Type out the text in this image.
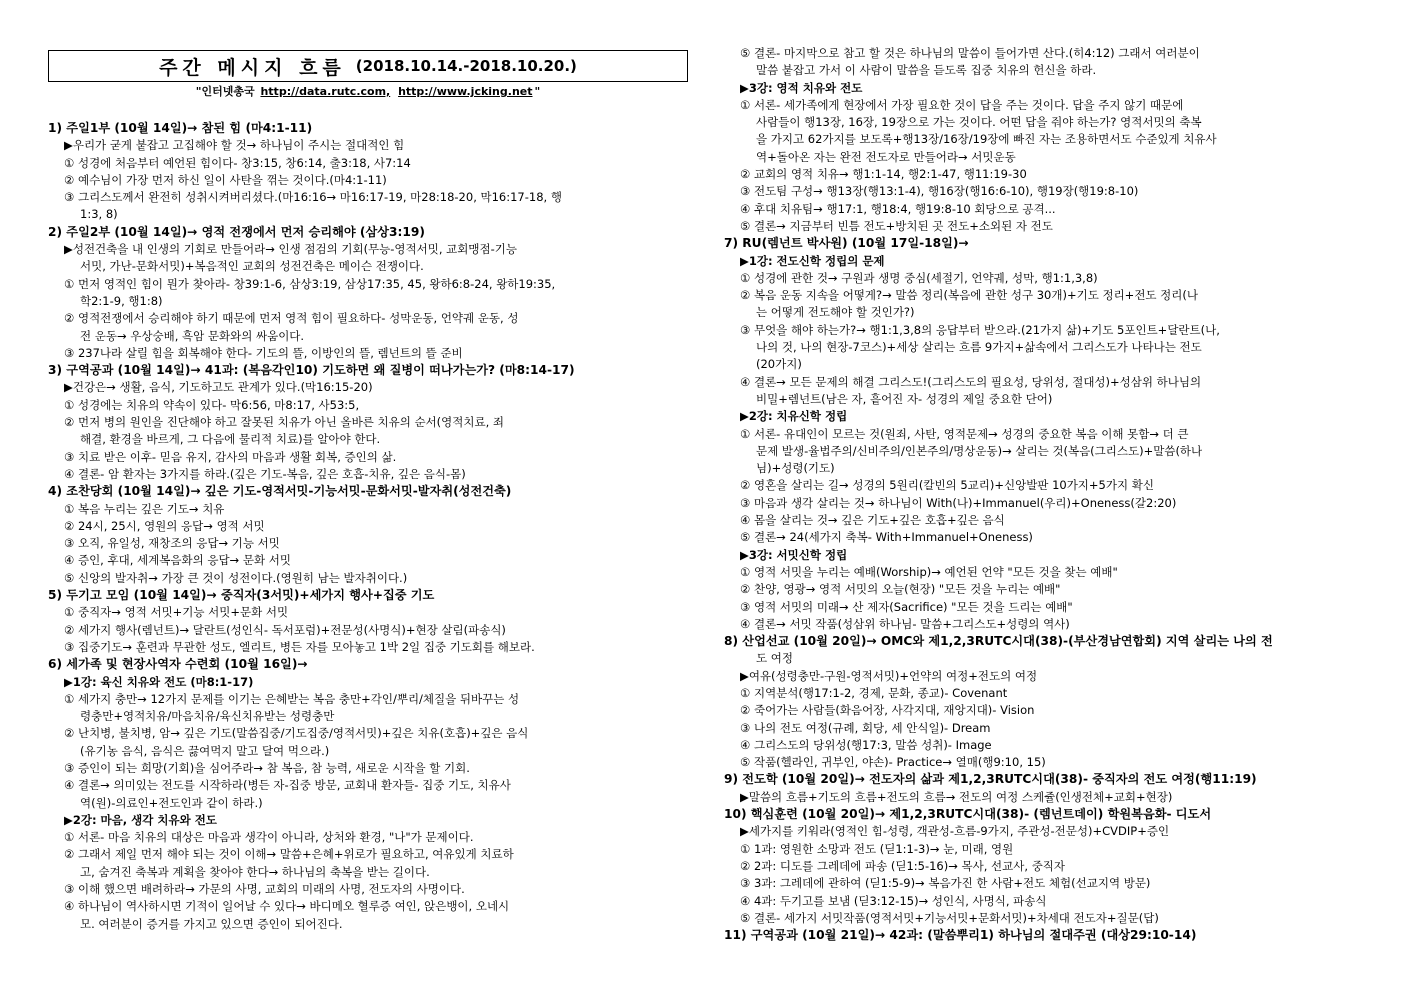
주간 메시지 흐름 (2018.10.14.-2018.10.20.)
"인터넷총국 http://data.rutc.com, http://www.jcking.net "
1) 주일1부 (10월 14일)→ 참된 힘 (마4:1-11)
▶우리가 굳게 붙잡고 고집해야 할 것→ 하나님이 주시는 절대적인 힘
① 성경에 처음부터 예언된 힘이다- 창3:15, 창6:14, 출3:18, 사7:14
② 예수님이 가장 먼저 하신 일이 사탄을 꺾는 것이다.(마4:1-11)
③ 그리스도께서 완전히 성취시켜버리셨다.(마16:16→ 마16:17-19, 마28:18-20, 막16:17-18, 행
1:3, 8)
2) 주일2부 (10월 14일)→ 영적 전쟁에서 먼저 승리해야 (삼상3:19)
▶성전건축을 내 인생의 기회로 만들어라→ 인생 점검의 기회(무능-영적서밋, 교회맹점-기능
서밋, 가난-문화서밋)+복음적인 교회의 성전건축은 메이슨 전쟁이다.
① 먼저 영적인 힘이 뭔가 찾아라- 창39:1-6, 삼상3:19, 삼상17:35, 45, 왕하6:8-24, 왕하19:35,
학2:1-9, 행1:8)
② 영적전쟁에서 승리해야 하기 때문에 먼저 영적 힘이 필요하다- 성막운동, 언약궤 운동, 성
전 운동→ 우상숭배, 흑암 문화와의 싸움이다.
③ 237나라 살릴 힘을 회복해야 한다- 기도의 뜰, 이방인의 뜰, 렘넌트의 뜰 준비
3) 구역공과 (10월 14일)→ 41과: (복음각인10) 기도하면 왜 질병이 떠나가는가? (마8:14-17)
▶건강은→ 생활, 음식, 기도하고도 관계가 있다.(막16:15-20)
① 성경에는 치유의 약속이 있다- 막6:56, 마8:17, 사53:5,
② 먼저 병의 원인을 진단해야 하고 잘못된 치유가 아닌 올바른 치유의 순서(영적치료, 죄
해결, 환경을 바르게, 그 다음에 물리적 치료)를 알아야 한다.
③ 치료 받은 이후- 믿음 유지, 감사의 마음과 생활 회복, 증인의 삶.
④ 결론- 암 환자는 3가지를 하라.(깊은 기도-복음, 깊은 호흡-치유, 깊은 음식-몸)
4) 조찬당회 (10월 14일)→ 깊은 기도-영적서밋-기능서밋-문화서밋-발자취(성전건축)
① 복음 누리는 깊은 기도→ 치유
② 24시, 25시, 영원의 응답→ 영적 서밋
③ 오직, 유일성, 재창조의 응답→ 기능 서밋
④ 증인, 후대, 세계복음화의 응답→ 문화 서밋
⑤ 신앙의 발자취→ 가장 큰 것이 성전이다.(영원히 남는 발자취이다.)
5) 두기고 모임 (10월 14일)→ 중직자(3서밋)+세가지 행사+집중 기도
① 중직자→ 영적 서밋+기능 서밋+문화 서밋
② 세가지 행사(렘넌트)→ 달란트(성인식- 독서포럼)+전문성(사명식)+현장 살림(파송식)
③ 집중기도→ 훈련과 무관한 성도, 엘리트, 병든 자를 모아놓고 1박 2일 집중 기도회를 해보라.
6) 세가족 및 현장사역자 수련회 (10월 16일)→
▶1강: 육신 치유와 전도 (마8:1-17)
① 세가지 충만→ 12가지 문제를 이기는 은혜받는 복음 충만+각인/뿌리/체질을 뒤바꾸는 성
령충만+영적치유/마음치유/육신치유받는 성령충만
② 난치병, 불치병, 암→ 깊은 기도(말씀집중/기도집중/영적서밋)+깊은 치유(호흡)+깊은 음식
(유기농 음식, 음식은 끓여먹지 말고 달여 먹으라.)
③ 증인이 되는 희망(기회)을 심어주라→ 참 복음, 참 능력, 새로운 시작을 할 기회.
④ 결론→ 의미있는 전도를 시작하라(병든 자-집중 방문, 교회내 환자들- 집중 기도, 치유사
역(원)-의료인+전도인과 같이 하라.)
▶2강: 마음, 생각 치유와 전도
① 서론- 마음 치유의 대상은 마음과 생각이 아니라, 상처와 환경, "나"가 문제이다.
② 그래서 제일 먼저 해야 되는 것이 이해→ 말씀+은혜+위로가 필요하고, 여유있게 치료하
고, 숨겨진 축복과 계획을 찾아야 한다→ 하나님의 축복을 받는 길이다.
③ 이해 했으면 배려하라→ 가문의 사명, 교회의 미래의 사명, 전도자의 사명이다.
④ 하나님이 역사하시면 기적이 일어날 수 있다→ 바디메오 혈루증 여인, 앉은뱅이, 오네시
모. 여러분이 증거를 가지고 있으면 증인이 되어진다.
⑤ 결론- 마지막으로 참고 할 것은 하나님의 말씀이 들어가면 산다.(히4:12) 그래서 여러분이
말씀 붙잡고 가서 이 사람이 말씀을 듣도록 집중 치유의 헌신을 하라.
▶3강: 영적 치유와 전도
① 서론- 세가족에게 현장에서 가장 필요한 것이 답을 주는 것이다. 답을 주지 않기 때문에
사람들이 행13장, 16장, 19장으로 가는 것이다. 어떤 답을 줘야 하는가? 영적서밋의 축복
을 가지고 62가지를 보도록+행13장/16장/19장에 빠진 자는 조용하면서도 수준있게 치유사
역+돌아온 자는 완전 전도자로 만들어라→ 서밋운동
② 교회의 영적 치유→ 행1:1-14, 행2:1-47, 행11:19-30
③ 전도팀 구성→ 행13장(행13:1-4), 행16장(행16:6-10), 행19장(행19:8-10)
④ 후대 치유팀→ 행17:1, 행18:4, 행19:8-10 회당으로 공격...
⑤ 결론→ 지금부터 빈틈 전도+방치된 곳 전도+소외된 자 전도
7) RU(렘넌트 박사원) (10월 17일-18일)→
▶1강: 전도신학 정립의 문제
① 성경에 관한 것→ 구원과 생명 중심(세절기, 언약궤, 성막, 행1:1,3,8)
② 복음 운동 지속을 어떻게?→ 말씀 정리(복음에 관한 성구 30개)+기도 정리+전도 정리(나
는 어떻게 전도해야 할 것인가?)
③ 무엇을 해야 하는가?→ 행1:1,3,8의 응답부터 받으라.(21가지 삶)+기도 5포인트+달란트(나,
나의 것, 나의 현장-7코스)+세상 살리는 흐름 9가지+삶속에서 그리스도가 나타나는 전도
(20가지)
④ 결론→ 모든 문제의 해결 그리스도!(그리스도의 필요성, 당위성, 절대성)+성삼위 하나님의
비밀+렘넌트(남은 자, 흩어진 자- 성경의 제일 중요한 단어)
▶2강: 치유신학 정립
① 서론- 유대인이 모르는 것(원죄, 사탄, 영적문제→ 성경의 중요한 복음 이해 못함→ 더 큰
문제 발생-율법주의/신비주의/인본주의/명상운동)→ 살리는 것(복음(그리스도)+말씀(하나
님)+성령(기도)
② 영혼을 살리는 길→ 성경의 5원리(칼빈의 5교리)+신앙발판 10가지+5가지 확신
③ 마음과 생각 살리는 것→ 하나님이 With(나)+Immanuel(우리)+Oneness(갈2:20)
④ 몸을 살리는 것→ 깊은 기도+깊은 호흡+깊은 음식
⑤ 결론→ 24(세가지 축복- With+Immanuel+Oneness)
▶3강: 서밋신학 정립
① 영적 서밋을 누리는 예배(Worship)→ 예언된 언약 "모든 것을 찾는 예배"
② 찬양, 영광→ 영적 서밋의 오늘(현장) "모든 것을 누리는 예배"
③ 영적 서밋의 미래→ 산 제자(Sacrifice) "모든 것을 드리는 예배"
④ 결론→ 서밋 작품(성삼위 하나님- 말씀+그리스도+성령의 역사)
8) 산업선교 (10월 20일)→ OMC와 제1,2,3RUTC시대(38)-(부산경남연합회) 지역 살리는 나의 전
도 여정
▶여유(성령충만-구원-영적서밋)+언약의 여정+전도의 여정
① 지역분석(행17:1-2, 경제, 문화, 종교)- Covenant
② 죽어가는 사람들(화음어장, 사각지대, 재앙지대)- Vision
③ 나의 전도 여정(규례, 회당, 세 안식일)- Dream
④ 그리스도의 당위성(행17:3, 말씀 성취)- Image
⑤ 작품(헬라인, 귀부인, 야손)- Practice→ 열매(행9:10, 15)
9) 전도학 (10월 20일)→ 전도자의 삶과 제1,2,3RUTC시대(38)- 중직자의 전도 여정(행11:19)
▶말씀의 흐름+기도의 흐름+전도의 흐름→ 전도의 여정 스케쥴(인생전체+교회+현장)
10) 핵심훈련 (10월 20일)→ 제1,2,3RUTC시대(38)- (렘넌트데이) 학원복음화- 디도서
▶세가지를 키워라(영적인 힘-성령, 객관성-흐름-9가지, 주관성-전문성)+CVDIP+증인
① 1과: 영원한 소망과 전도 (딛1:1-3)→ 눈, 미래, 영원
② 2과: 디도를 그레데에 파송 (딛1:5-16)→ 목사, 선교사, 중직자
③ 3과: 그레데에 관하여 (딛1:5-9)→ 복음가진 한 사람+전도 체험(선교지역 방문)
④ 4과: 두기고를 보냄 (딛3:12-15)→ 성인식, 사명식, 파송식
⑤ 결론- 세가지 서밋작품(영적서밋+기능서밋+문화서밋)+차세대 전도자+질문(답)
11) 구역공과 (10월 21일)→ 42과: (말씀뿌리1) 하나님의 절대주권 (대상29:10-14)
